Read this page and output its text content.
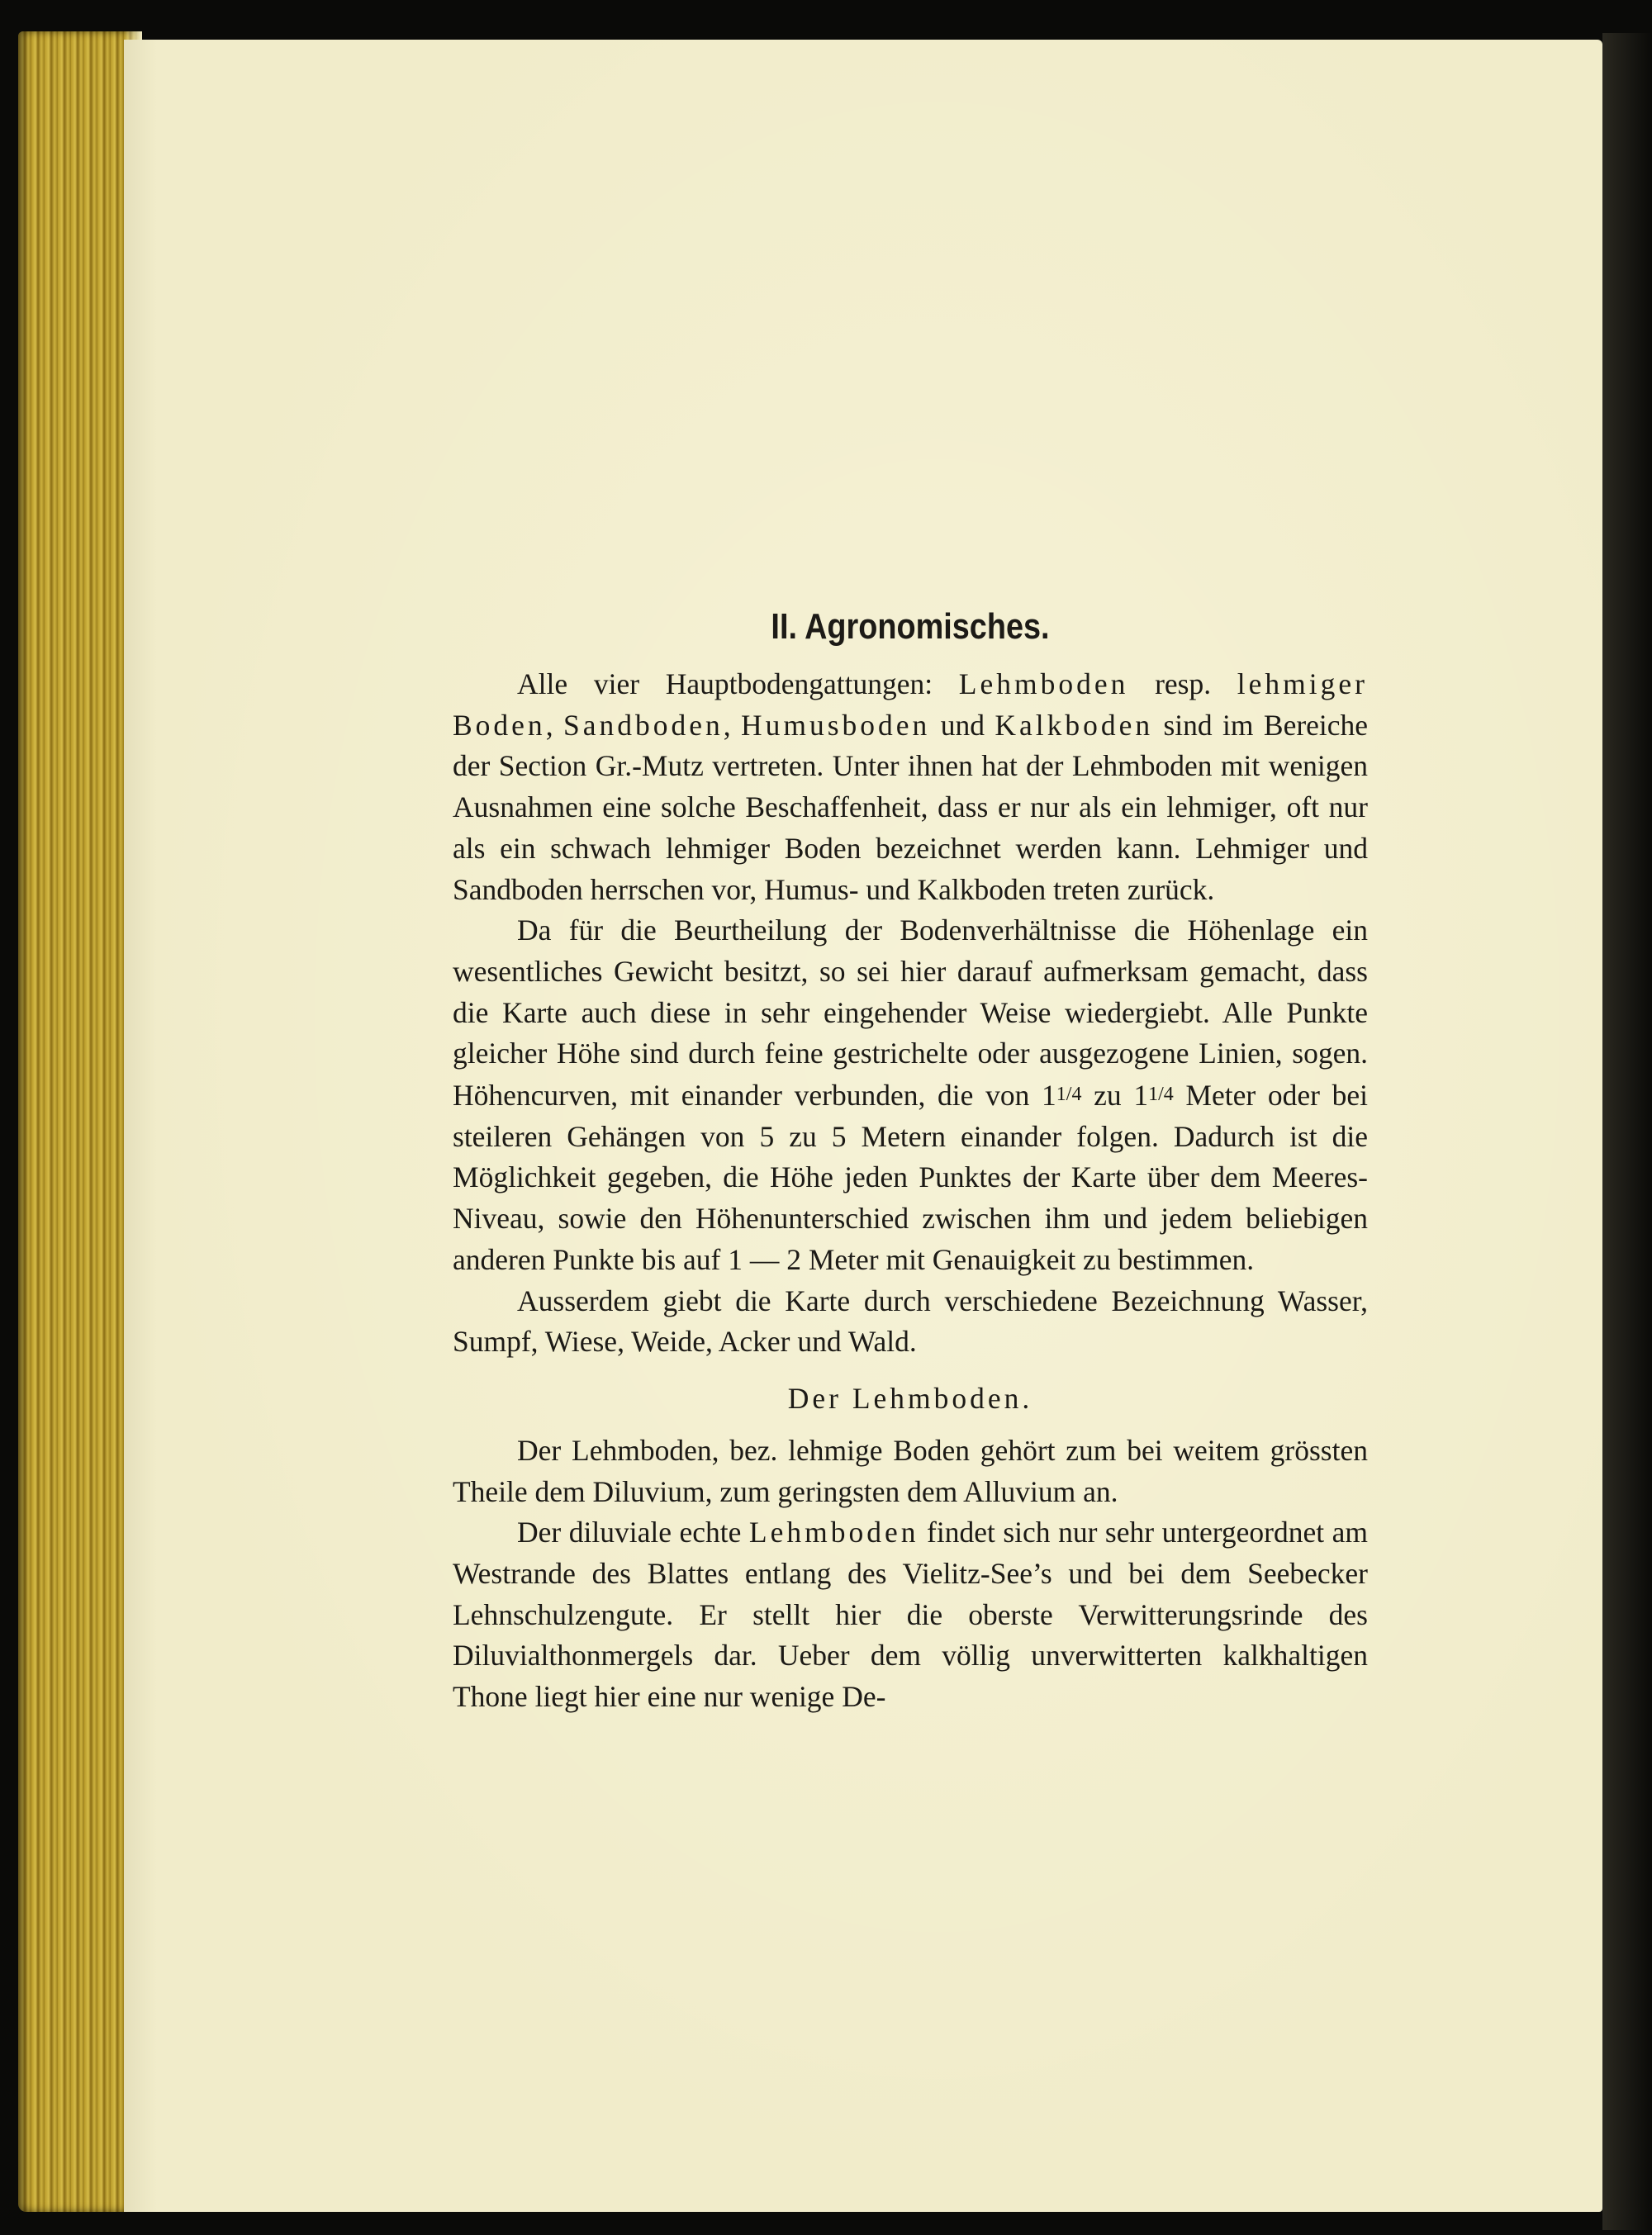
II. Agronomisches.

Alle vier Hauptbodengattungen: Lehmboden resp. lehmiger Boden, Sandboden, Humusboden und Kalkboden sind im Bereiche der Section Gr.-Mutz vertreten. Unter ihnen hat der Lehmboden mit wenigen Ausnahmen eine solche Beschaffenheit, dass er nur als ein lehmiger, oft nur als ein schwach lehmiger Boden bezeichnet werden kann. Lehmiger und Sandboden herrschen vor, Humus- und Kalkboden treten zurück.

Da für die Beurtheilung der Bodenverhältnisse die Höhenlage ein wesentliches Gewicht besitzt, so sei hier darauf aufmerksam gemacht, dass die Karte auch diese in sehr eingehender Weise wiedergiebt. Alle Punkte gleicher Höhe sind durch feine gestrichelte oder ausgezogene Linien, sogen. Höhencurven, mit einander verbunden, die von 11/4 zu 11/4 Meter oder bei steileren Gehängen von 5 zu 5 Metern einander folgen. Dadurch ist die Möglichkeit gegeben, die Höhe jeden Punktes der Karte über dem Meeres-Niveau, sowie den Höhenunterschied zwischen ihm und jedem beliebigen anderen Punkte bis auf 1 — 2 Meter mit Genauigkeit zu bestimmen.

Ausserdem giebt die Karte durch verschiedene Bezeichnung Wasser, Sumpf, Wiese, Weide, Acker und Wald.

Der Lehmboden.

Der Lehmboden, bez. lehmige Boden gehört zum bei weitem grössten Theile dem Diluvium, zum geringsten dem Alluvium an.

Der diluviale echte Lehmboden findet sich nur sehr untergeordnet am Westrande des Blattes entlang des Vielitz-See’s und bei dem Seebecker Lehnschulzengute. Er stellt hier die oberste Verwitterungsrinde des Diluvialthonmergels dar. Ueber dem völlig unverwitterten kalkhaltigen Thone liegt hier eine nur wenige De-
